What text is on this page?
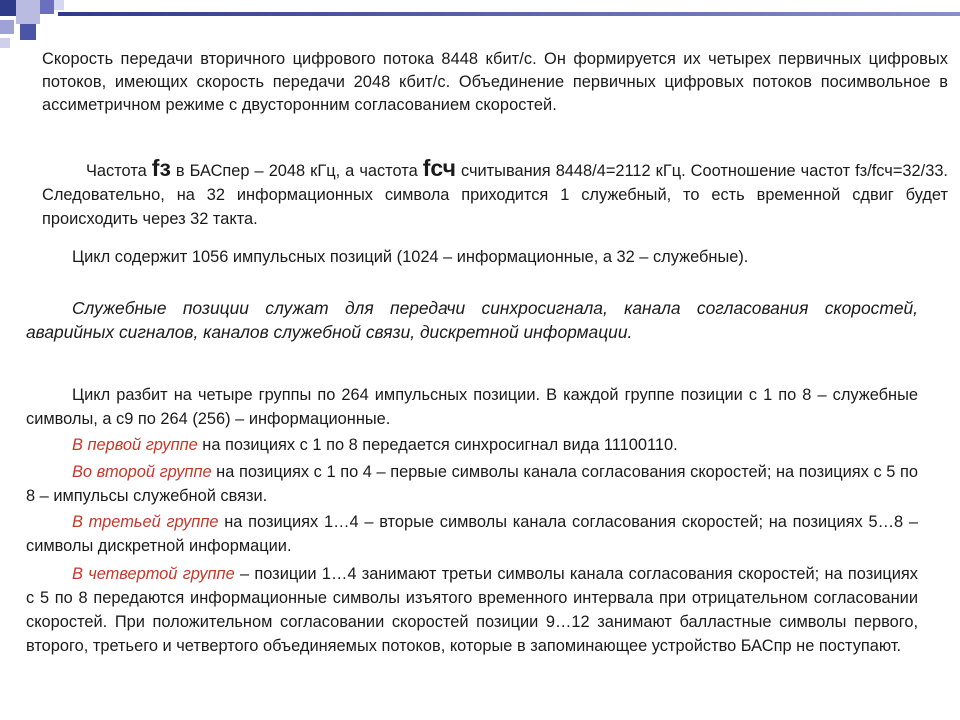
Скорость передачи вторичного цифрового потока 8448 кбит/с. Он формируется их четырех первичных цифровых потоков, имеющих скорость передачи 2048 кбит/с. Объединение первичных цифровых потоков посимвольное в ассиметричном режиме с двусторонним согласованием скоростей.

Частота fз в БАСпер – 2048 кГц, а частота fсч считывания 8448/4=2112 кГц. Соотношение частот fз/fсч=32/33. Следовательно, на 32 информационных символа приходится 1 служебный, то есть временной сдвиг будет происходить через 32 такта.

Цикл содержит 1056 импульсных позиций (1024 – информационные, а 32 – служебные).

Служебные позиции служат для передачи синхросигнала, канала согласования скоростей, аварийных сигналов, каналов служебной связи, дискретной информации.

Цикл разбит на четыре группы по 264 импульсных позиции. В каждой группе позиции с 1 по 8 – служебные символы, а с9 по 264 (256) – информационные.

В первой группе на позициях с 1 по 8 передается синхросигнал вида 11100110.

Во второй группе на позициях с 1 по 4 – первые символы канала согласования скоростей; на позициях с 5 по 8 – импульсы служебной связи.

В третьей группе на позициях 1…4 – вторые символы канала согласования скоростей; на позициях 5…8 – символы дискретной информации.

В четвертой группе – позиции 1…4 занимают третьи символы канала согласования скоростей; на позициях с 5 по 8 передаются информационные символы изъятого временного интервала при отрицательном согласовании скоростей. При положительном согласовании скоростей позиции 9…12 занимают балластные символы первого, второго, третьего и четвертого объединяемых потоков, которые в запоминающее устройство БАСпр не поступают.
